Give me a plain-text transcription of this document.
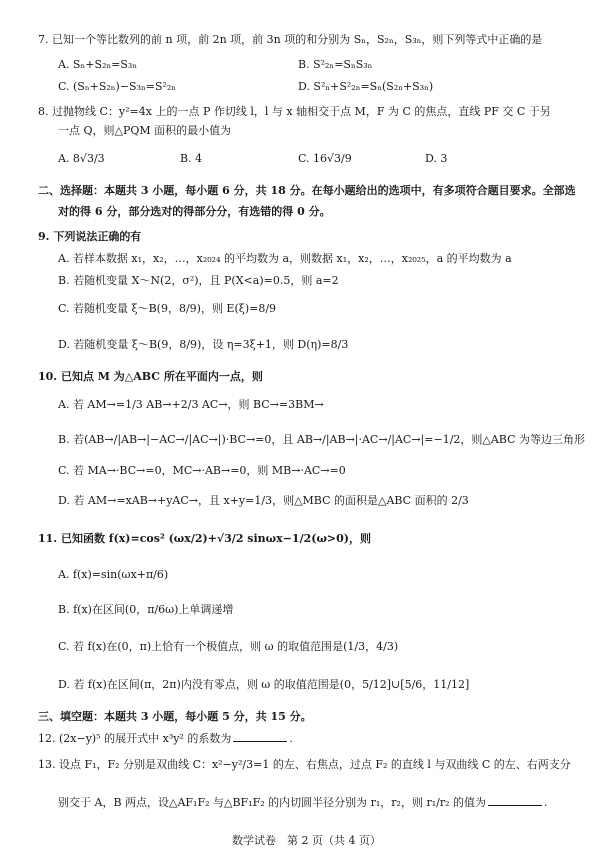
7. 已知一个等比数列的前 n 项，前 2n 项，前 3n 项的和分别为 Sₙ，S₂ₙ，S₃ₙ，则下列等式中正确的是
A. Sₙ+S₂ₙ=S₃ₙ	B. S²₂ₙ=SₙS₃ₙ
C. (Sₙ+S₂ₙ)−S₃ₙ=S²₂ₙ	D. S²ₙ+S²₂ₙ=Sₙ(S₂ₙ+S₃ₙ)
8. 过抛物线 C：y²=4x 上的一点 P 作切线 l，l 与 x 轴相交于点 M，F 为 C 的焦点，直线 PF 交 C 于另
一点 Q，则△PQM 面积的最小值为
A. 8√3/3	B. 4	C. 16√3/9	D. 3
二、选择题：本题共 3 小题，每小题 6 分，共 18 分。在每小题给出的选项中，有多项符合题目要求。全部选
对的得 6 分，部分选对的得部分分，有选错的得 0 分。
9. 下列说法正确的有
A. 若样本数据 x₁，x₂，…，x₂₀₂₄ 的平均数为 a，则数据 x₁，x₂，…，x₂₀₂₅，a 的平均数为 a
B. 若随机变量 X～N(2，σ²)，且 P(X<a)=0.5，则 a=2
C. 若随机变量 ξ～B(9，8/9)，则 E(ξ)=8/9
D. 若随机变量 ξ～B(9，8/9)，设 η=3ξ+1，则 D(η)=8/3
10. 已知点 M 为△ABC 所在平面内一点，则
A. 若 AM→=1/3 AB→+2/3 AC→，则 BC→=3BM→
B. 若(AB→/|AB→|−AC→/|AC→|)·BC→=0，且 AB→/|AB→|·AC→/|AC→|=−1/2，则△ABC 为等边三角形
C. 若 MA→·BC→=0，MC→·AB→=0，则 MB→·AC→=0
D. 若 AM→=xAB→+yAC→，且 x+y=1/3，则△MBC 的面积是△ABC 面积的 2/3
11. 已知函数 f(x)=cos² (ωx/2)+√3/2 sinωx−1/2(ω>0)，则
A. f(x)=sin(ωx+π/6)
B. f(x)在区间(0，π/6ω)上单调递增
C. 若 f(x)在(0，π)上恰有一个极值点，则 ω 的取值范围是(1/3，4/3)
D. 若 f(x)在区间(π，2π)内没有零点，则 ω 的取值范围是(0，5/12]∪[5/6，11/12]
三、填空题：本题共 3 小题，每小题 5 分，共 15 分。
12. (2x−y)⁵ 的展开式中 x³y² 的系数为	.
13. 设点 F₁，F₂ 分别是双曲线 C：x²−y²/3=1 的左、右焦点，过点 F₂ 的直线 l 与双曲线 C 的左、右两支分
别交于 A，B 两点，设△AF₁F₂ 与△BF₁F₂ 的内切圆半径分别为 r₁，r₂，则 r₁/r₂ 的值为	.
数学试卷　第 2 页（共 4 页）
